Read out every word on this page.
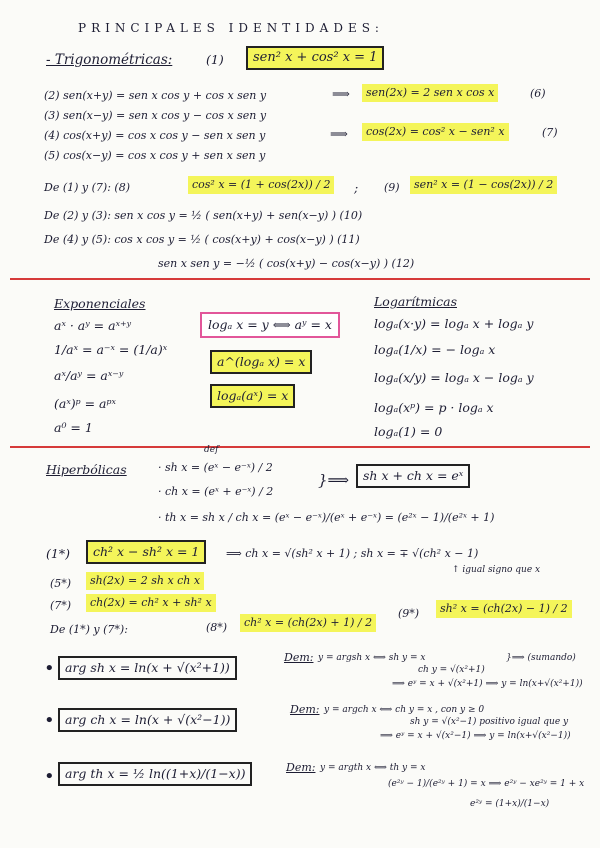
PRINCIPALES IDENTIDADES:
- Trigonométricas:	(1)	sen² x + cos² x = 1
(2) sen(x+y) = sen x cos y + cos x sen y	⟹	sen(2x) = 2 sen x cos x	(6)
(3) sen(x−y) = sen x cos y − cos x sen y
(4) cos(x+y) = cos x cos y − sen x sen y	⟹	cos(2x) = cos² x − sen² x	(7)
(5) cos(x−y) = cos x cos y + sen x sen y
De (1) y (7): (8)	cos² x = (1 + cos(2x)) / 2	; (9)	sen² x = (1 − cos(2x)) / 2
De (2) y (3): sen x cos y = ½ ( sen(x+y) + sen(x−y) ) (10)
De (4) y (5): cos x cos y = ½ ( cos(x+y) + cos(x−y) ) (11)
sen x sen y = −½ ( cos(x+y) − cos(x−y) ) (12)
Exponenciales
aˣ · aʸ = aˣ⁺ʸ
1/aˣ = a⁻ˣ = (1/a)ˣ
aˣ/aʸ = aˣ⁻ʸ
(aˣ)ᵖ = aᵖˣ
a⁰ = 1
logₐ x = y ⟺ aʸ = x
a^(logₐ x) = x
logₐ(aˣ) = x
Logarítmicas
logₐ(x·y) = logₐ x + logₐ y
logₐ(1/x) = − logₐ x
logₐ(x/y) = logₐ x − logₐ y
logₐ(xᵖ) = p · logₐ x
logₐ(1) = 0
Hiperbólicas
def
· sh x = (eˣ − e⁻ˣ) / 2
· ch x = (eˣ + e⁻ˣ) / 2
}⟹	sh x + ch x = eˣ
· th x = sh x / ch x = (eˣ − e⁻ˣ)/(eˣ + e⁻ˣ) = (e²ˣ − 1)/(e²ˣ + 1)
(1*)	ch² x − sh² x = 1	⟹ ch x = √(sh² x + 1) ; sh x = ∓ √(ch² x − 1)
↑ igual signo que x
(5*)	sh(2x) = 2 sh x ch x
(7*)	ch(2x) = ch² x + sh² x
De (1*) y (7*):	(8*)	ch² x = (ch(2x) + 1) / 2
(9*)	sh² x = (ch(2x) − 1) / 2
• arg sh x = ln(x + √(x²+1))
Dem: y = argsh x ⟺ sh y = x
ch y = √(x²+1)
⟹ eʸ = x + √(x²+1) ⟹ y = ln(x+√(x²+1))
}⟹ (sumando)
• arg ch x = ln(x + √(x²−1))
Dem: y = argch x ⟺ ch y = x , con y ≥ 0
sh y = √(x²−1) positivo igual que y
⟹ eʸ = x + √(x²−1) ⟹ y = ln(x+√(x²−1))
• arg th x = ½ ln((1+x)/(1−x))	Dem: y = argth x ⟺ th y = x
(e²ʸ − 1)/(e²ʸ + 1) = x ⟹ e²ʸ − xe²ʸ = 1 + x
e²ʸ = (1+x)/(1−x)
